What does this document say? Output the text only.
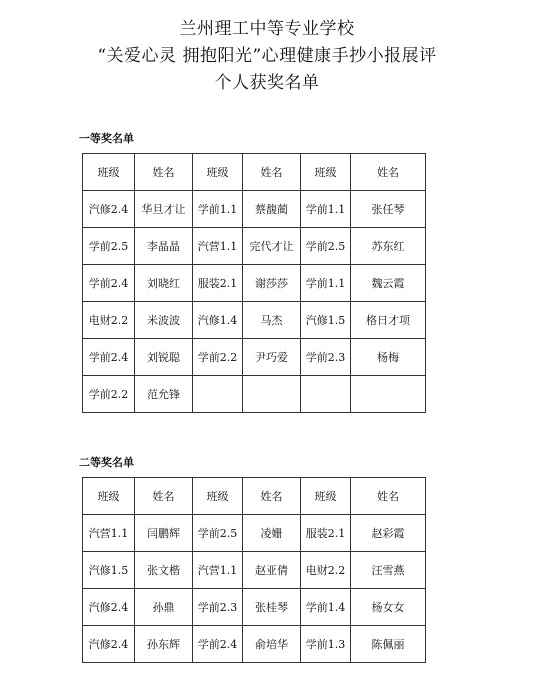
兰州理工中等专业学校
“关爱心灵 拥抱阳光”心理健康手抄小报展评
个人获奖名单
一等奖名单
班级	姓名	班级	姓名	班级	姓名
汽修2.4	华旦才让	学前1.1	蔡馥蔺	学前1.1	张任琴
学前2.5	李晶晶	汽营1.1	完代才让	学前2.5	苏东红
学前2.4	刘晓红	服装2.1	谢莎莎	学前1.1	魏云霞
电财2.2	米波波	汽修1.4	马杰	汽修1.5	格日才项
学前2.4	刘锐聪	学前2.2	尹巧爱	学前2.3	杨梅
学前2.2	范允锋				
二等奖名单
班级	姓名	班级	姓名	班级	姓名
汽营1.1	闫鹏辉	学前2.5	凌姗	服装2.1	赵彩霞
汽修1.5	张文楷	汽营1.1	赵亚倩	电财2.2	汪雪燕
汽修2.4	孙鼎	学前2.3	张桂琴	学前1.4	杨女女
汽修2.4	孙东辉	学前2.4	俞培华	学前1.3	陈佩丽
